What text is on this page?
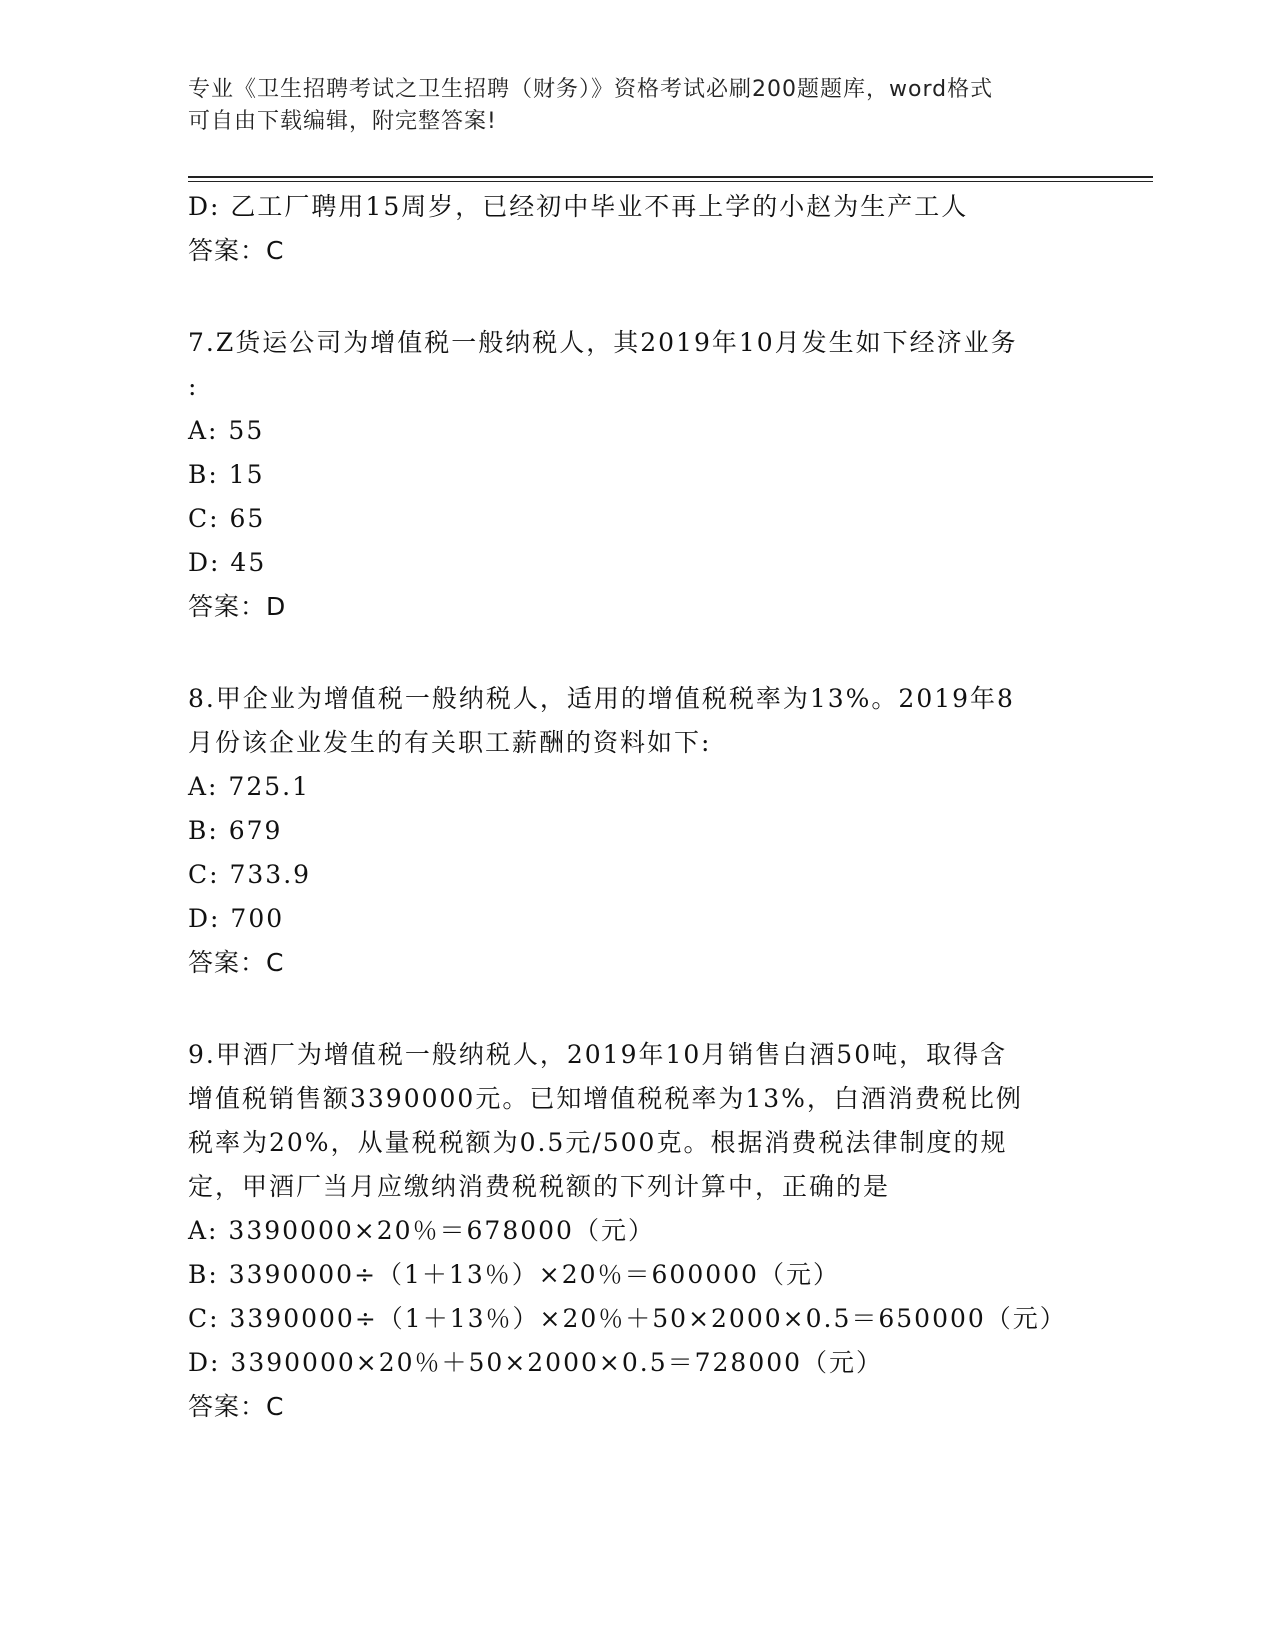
专业《卫生招聘考试之卫生招聘（财务）》资格考试必刷200题题库，word格式
可自由下载编辑，附完整答案!
D: 乙工厂聘用15周岁，已经初中毕业不再上学的小赵为生产工人
答案：C
7.Z货运公司为增值税一般纳税人，其2019年10月发生如下经济业务
:
A: 55
B: 15
C: 65
D: 45
答案：D
8.甲企业为增值税一般纳税人，适用的增值税税率为13%。2019年8
月份该企业发生的有关职工薪酬的资料如下:
A: 725.1
B: 679
C: 733.9
D: 700
答案：C
9.甲酒厂为增值税一般纳税人，2019年10月销售白酒50吨，取得含
增值税销售额3390000元。已知增值税税率为13%，白酒消费税比例
税率为20%，从量税税额为0.5元/500克。根据消费税法律制度的规
定，甲酒厂当月应缴纳消费税税额的下列计算中，正确的是
A: 3390000×20％＝678000（元）
B: 3390000÷（1＋13％）×20％＝600000（元）
C: 3390000÷（1＋13％）×20％＋50×2000×0.5＝650000（元）
D: 3390000×20％＋50×2000×0.5＝728000（元）
答案：C
